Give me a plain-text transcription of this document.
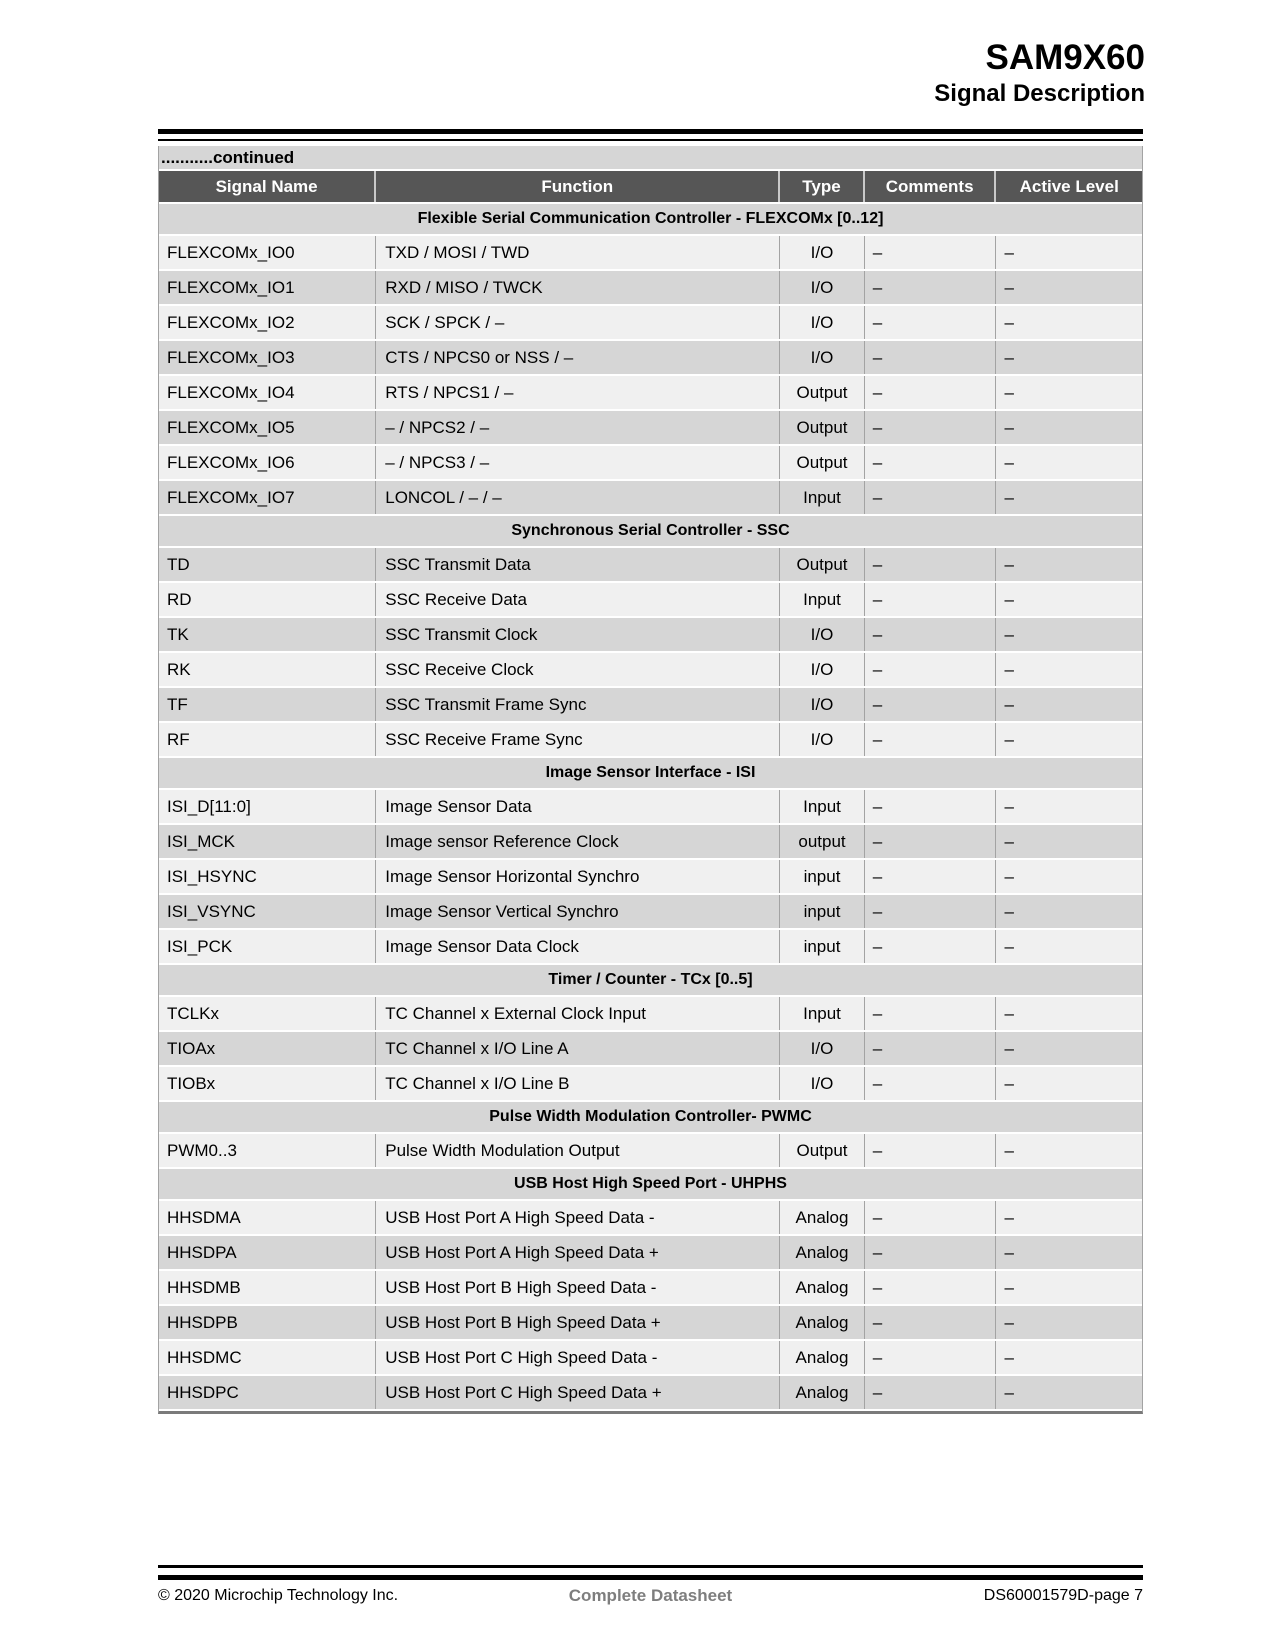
SAM9X60
Signal Description
...........continued
Signal Name	Function	Type	Comments	Active Level
Flexible Serial Communication Controller - FLEXCOMx [0..12]
FLEXCOMx_IO0	TXD / MOSI / TWD	I/O	–	–
FLEXCOMx_IO1	RXD / MISO / TWCK	I/O	–	–
FLEXCOMx_IO2	SCK / SPCK / –	I/O	–	–
FLEXCOMx_IO3	CTS / NPCS0 or NSS / –	I/O	–	–
FLEXCOMx_IO4	RTS / NPCS1 / –	Output	–	–
FLEXCOMx_IO5	– / NPCS2 / –	Output	–	–
FLEXCOMx_IO6	– / NPCS3 / –	Output	–	–
FLEXCOMx_IO7	LONCOL / – / –	Input	–	–
Synchronous Serial Controller - SSC
TD	SSC Transmit Data	Output	–	–
RD	SSC Receive Data	Input	–	–
TK	SSC Transmit Clock	I/O	–	–
RK	SSC Receive Clock	I/O	–	–
TF	SSC Transmit Frame Sync	I/O	–	–
RF	SSC Receive Frame Sync	I/O	–	–
Image Sensor Interface - ISI
ISI_D[11:0]	Image Sensor Data	Input	–	–
ISI_MCK	Image sensor Reference Clock	output	–	–
ISI_HSYNC	Image Sensor Horizontal Synchro	input	–	–
ISI_VSYNC	Image Sensor Vertical Synchro	input	–	–
ISI_PCK	Image Sensor Data Clock	input	–	–
Timer / Counter - TCx [0..5]
TCLKx	TC Channel x External Clock Input	Input	–	–
TIOAx	TC Channel x I/O Line A	I/O	–	–
TIOBx	TC Channel x I/O Line B	I/O	–	–
Pulse Width Modulation Controller- PWMC
PWM0..3	Pulse Width Modulation Output	Output	–	–
USB Host High Speed Port - UHPHS
HHSDMA	USB Host Port A High Speed Data -	Analog	–	–
HHSDPA	USB Host Port A High Speed Data +	Analog	–	–
HHSDMB	USB Host Port B High Speed Data -	Analog	–	–
HHSDPB	USB Host Port B High Speed Data +	Analog	–	–
HHSDMC	USB Host Port C High Speed Data -	Analog	–	–
HHSDPC	USB Host Port C High Speed Data +	Analog	–	–
© 2020 Microchip Technology Inc.	Complete Datasheet	DS60001579D-page 7
